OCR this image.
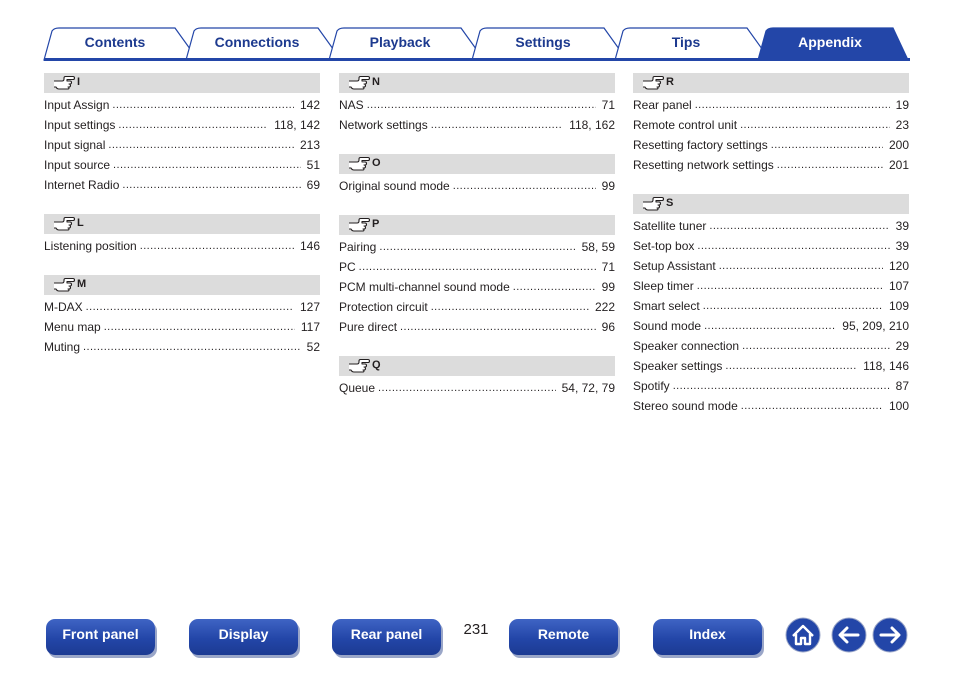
Contents	Connections	Playback	Settings	Tips	Appendix
I
Input Assign .....	142
Input settings .....	118, 142
Input signal .....	213
Input source .....	51
Internet Radio .....	69
L
Listening position .....	146
M
M-DAX .....	127
Menu map .....	117
Muting .....	52
N
NAS .....	71
Network settings .....	118, 162
O
Original sound mode .....	99
P
Pairing .....	58, 59
PC .....	71
PCM multi-channel sound mode .....	99
Protection circuit .....	222
Pure direct .....	96
Q
Queue .....	54, 72, 79
R
Rear panel .....	19
Remote control unit .....	23
Resetting factory settings .....	200
Resetting network settings .....	201
S
Satellite tuner .....	39
Set-top box .....	39
Setup Assistant .....	120
Sleep timer .....	107
Smart select .....	109
Sound mode .....	95, 209, 210
Speaker connection .....	29
Speaker settings .....	118, 146
Spotify .....	87
Stereo sound mode .....	100
Front panel	Display	Rear panel	231	Remote	Index
